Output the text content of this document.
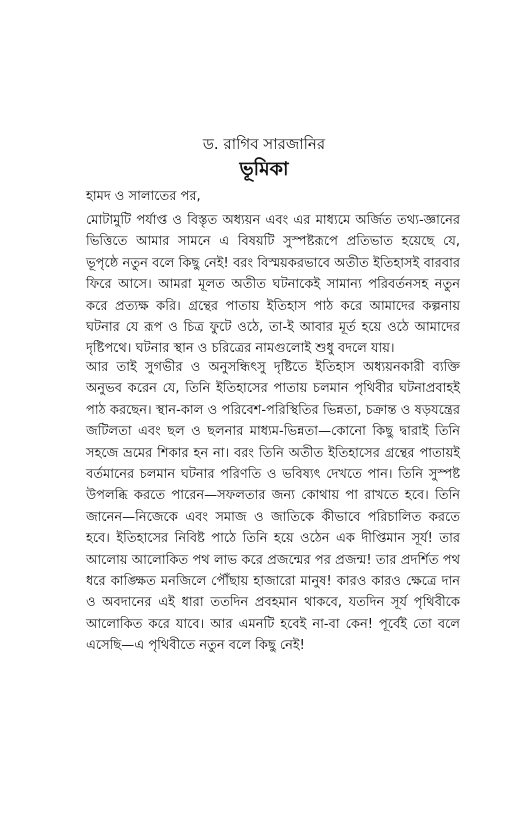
ড. রাগিব সারজানির
ভূমিকা

হামদ ও সালাতের পর,

মোটামুটি পর্যাপ্ত ও বিস্তৃত অধ্যয়ন এবং এর মাধ্যমে অর্জিত তথ্য-জ্ঞানের ভিত্তিতে আমার সামনে এ বিষয়টি সুস্পষ্টরূপে প্রতিভাত হয়েছে যে, ভূপৃষ্ঠে নতুন বলে কিছু নেই! বরং বিস্ময়করভাবে অতীত ইতিহাসই বারবার ফিরে আসে। আমরা মূলত অতীত ঘটনাকেই সামান্য পরিবর্তনসহ নতুন করে প্রত্যক্ষ করি। গ্রন্থের পাতায় ইতিহাস পাঠ করে আমাদের কল্পনায় ঘটনার যে রূপ ও চিত্র ফুটে ওঠে, তা-ই আবার মূর্ত হয়ে ওঠে আমাদের দৃষ্টিপথে। ঘটনার স্থান ও চরিত্রের নামগুলোই শুধু বদলে যায়।

আর তাই সুগভীর ও অনুসন্ধিৎসু দৃষ্টিতে ইতিহাস অধ্যয়নকারী ব্যক্তি অনুভব করেন যে, তিনি ইতিহাসের পাতায় চলমান পৃথিবীর ঘটনাপ্রবাহই পাঠ করছেন। স্থান-কাল ও পরিবেশ-পরিস্থিতির ভিন্নতা, চক্রান্ত ও ষড়যন্ত্রের জটিলতা এবং ছল ও ছলনার মাধ্যম-ভিন্নতা—কোনো কিছু দ্বারাই তিনি সহজে ভ্রমের শিকার হন না। বরং তিনি অতীত ইতিহাসের গ্রন্থের পাতায়ই বর্তমানের চলমান ঘটনার পরিণতি ও ভবিষ্যৎ দেখতে পান। তিনি সুস্পষ্ট উপলব্ধি করতে পারেন—সফলতার জন্য কোথায় পা রাখতে হবে। তিনি জানেন—নিজেকে এবং সমাজ ও জাতিকে কীভাবে পরিচালিত করতে হবে। ইতিহাসের নিবিষ্ট পাঠে তিনি হয়ে ওঠেন এক দীপ্তিমান সূর্য! তার আলোয় আলোকিত পথ লাভ করে প্রজন্মের পর প্রজন্ম! তার প্রদর্শিত পথ ধরে কাঙ্ক্ষিত মনজিলে পৌঁছায় হাজারো মানুষ! কারও কারও ক্ষেত্রে দান ও অবদানের এই ধারা ততদিন প্রবহমান থাকবে, যতদিন সূর্য পৃথিবীকে আলোকিত করে যাবে। আর এমনটি হবেই না-বা কেন! পূর্বেই তো বলে এসেছি—এ পৃথিবীতে নতুন বলে কিছু নেই!
